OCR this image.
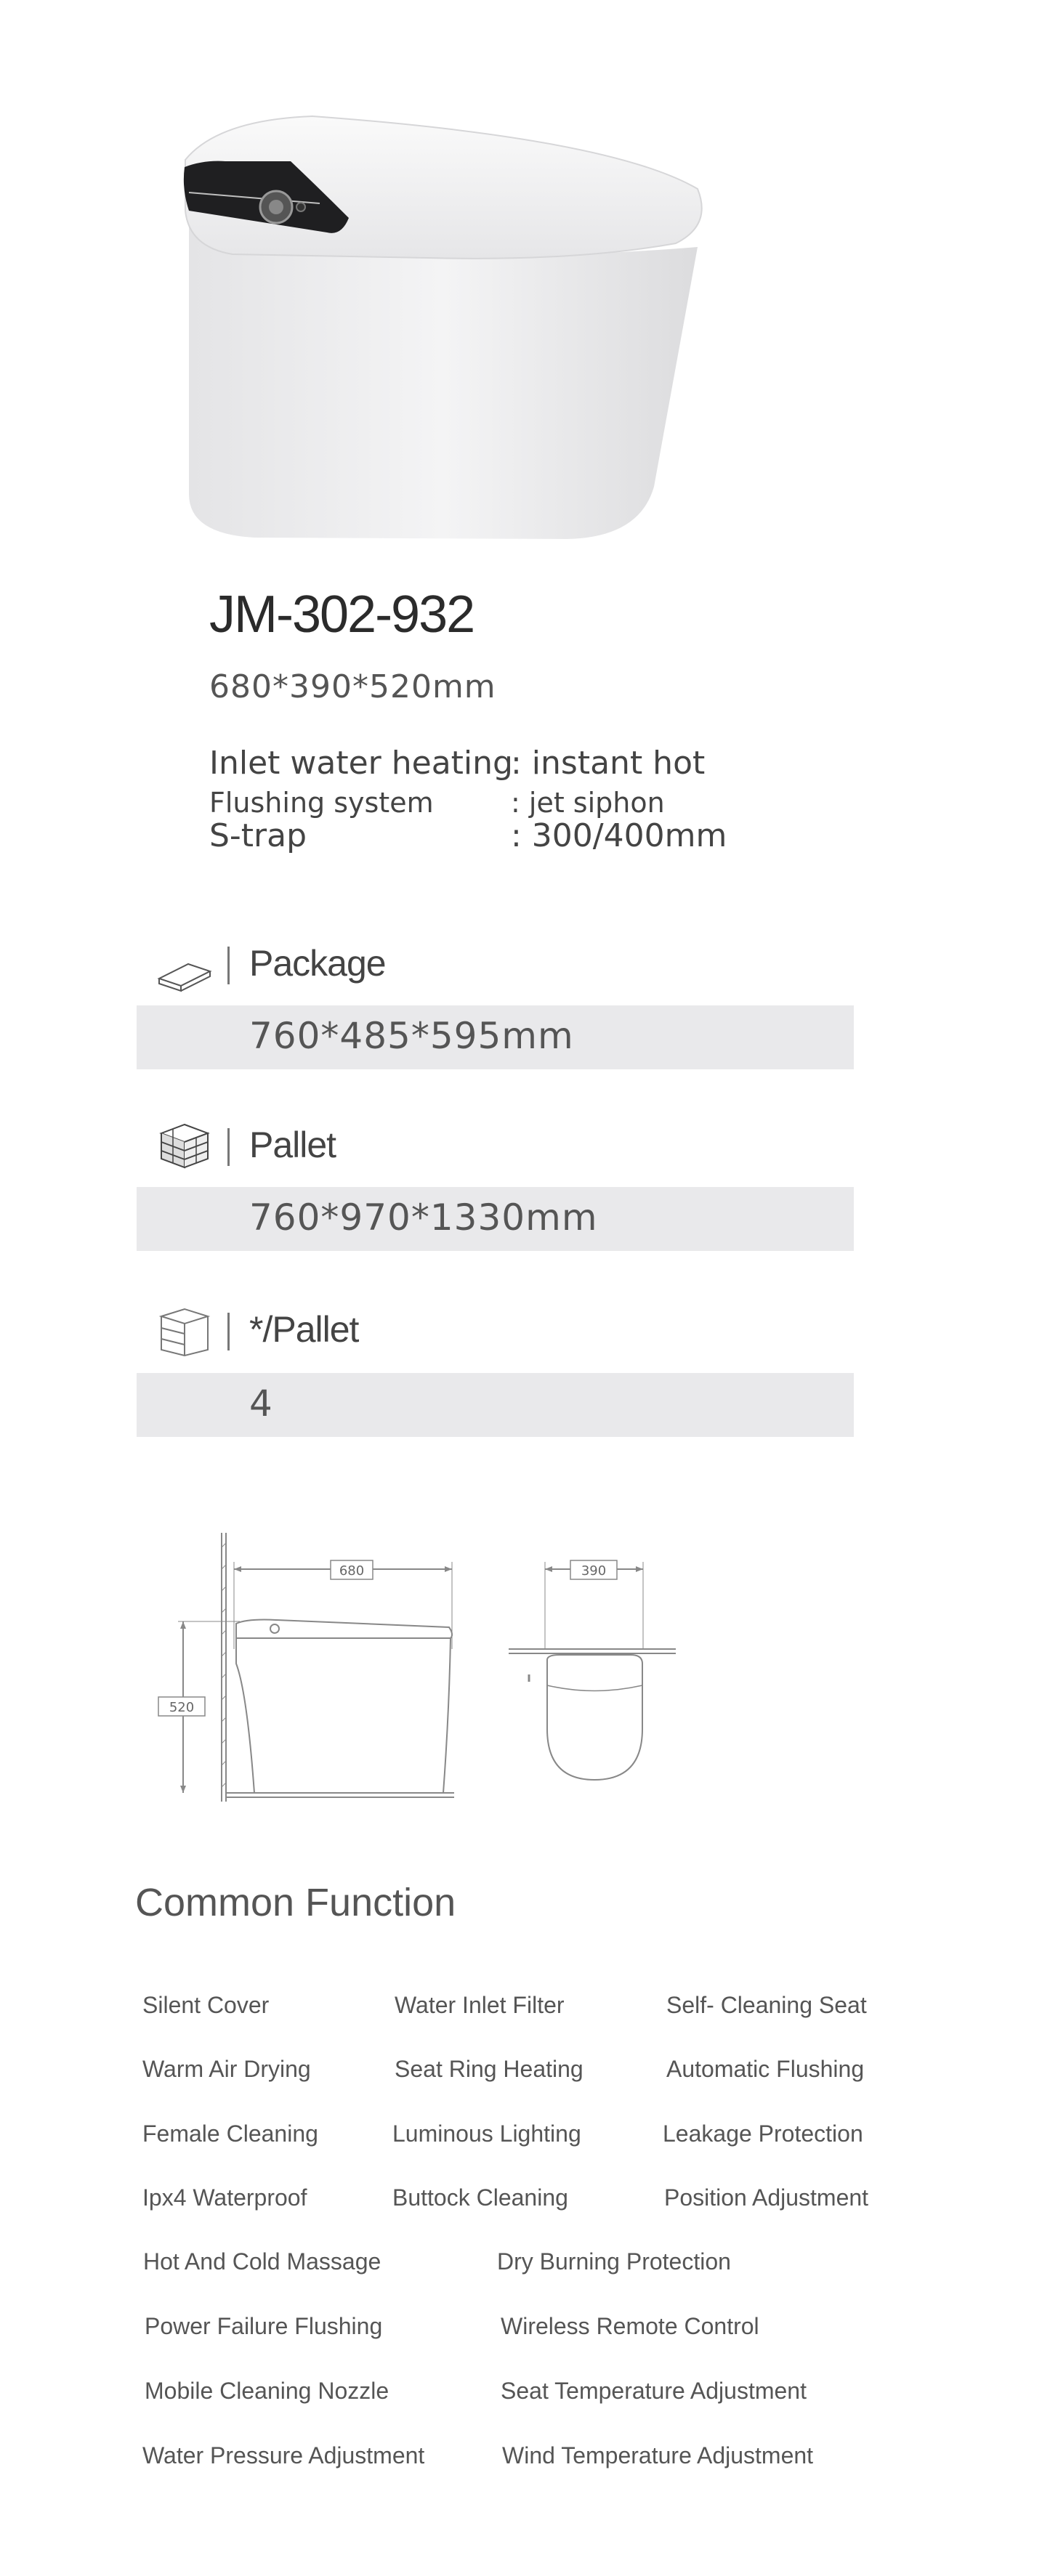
JM-302-932
680*390*520mm
Inlet water heating
: instant hot
Flushing system	: jet siphon
S-trap	: 300/400mm
Package
760*485*595mm
Pallet
760*970*1330mm
*/Pallet
4
680	390
520
Common Function
Silent Cover	Water Inlet Filter	Self- Cleaning Seat
Warm Air Drying	Seat Ring Heating	Automatic Flushing
Female Cleaning	Luminous Lighting	Leakage Protection
Ipx4 Waterproof	Buttock Cleaning	Position Adjustment
Hot And Cold Massage	Dry Burning Protection
Power Failure Flushing	Wireless Remote Control
Mobile Cleaning Nozzle	Seat Temperature Adjustment
Water Pressure Adjustment	Wind Temperature Adjustment
